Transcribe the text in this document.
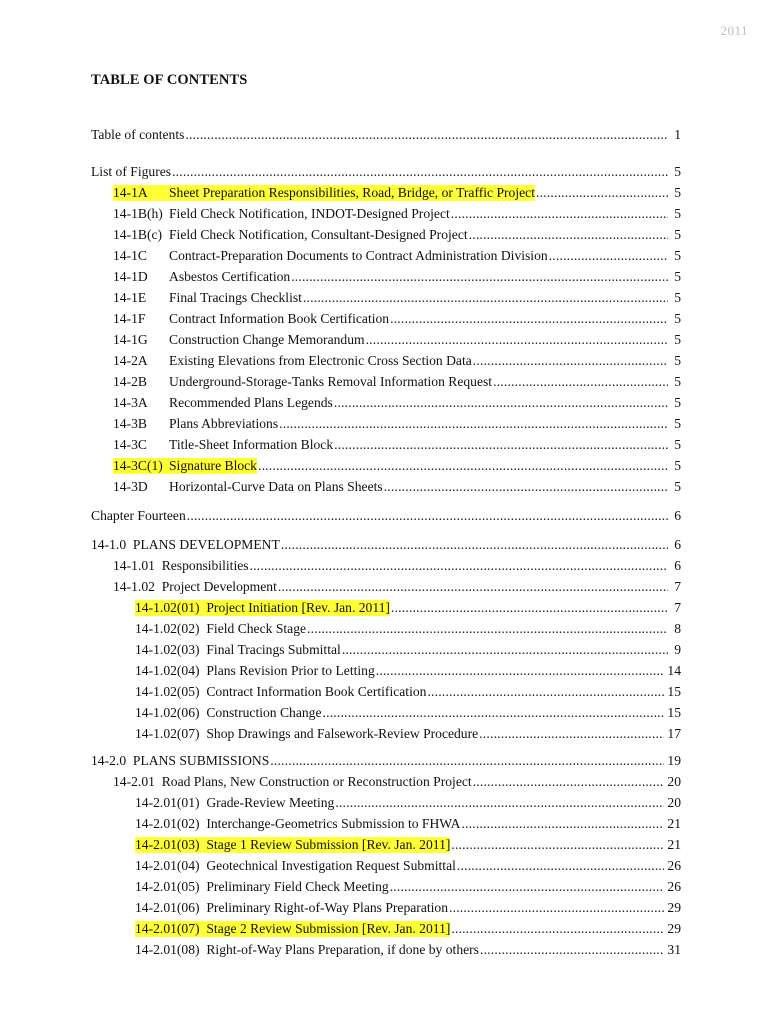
2011
TABLE OF CONTENTS
Table of contents .....	1
List of Figures .....	5
14-1A	Sheet Preparation Responsibilities, Road, Bridge, or Traffic Project .....	5
14-1B(h) Field Check Notification, INDOT-Designed Project .....	5
14-1B(c) Field Check Notification, Consultant-Designed Project .....	5
14-1C	Contract-Preparation Documents to Contract Administration Division .....	5
14-1D	Asbestos Certification .....	5
14-1E	Final Tracings Checklist .....	5
14-1F	Contract Information Book Certification .....	5
14-1G	Construction Change Memorandum .....	5
14-2A	Existing Elevations from Electronic Cross Section Data .....	5
14-2B	Underground-Storage-Tanks Removal Information Request .....	5
14-3A	Recommended Plans Legends .....	5
14-3B	Plans Abbreviations .....	5
14-3C	Title-Sheet Information Block .....	5
14-3C(1) Signature Block .....	5
14-3D	Horizontal-Curve Data on Plans Sheets .....	5
Chapter Fourteen .....	6
14-1.0  PLANS DEVELOPMENT .....	6
14-1.01  Responsibilities .....	6
14-1.02  Project Development .....	7
14-1.02(01)  Project Initiation [Rev. Jan. 2011] .....	7
14-1.02(02)  Field Check Stage .....	8
14-1.02(03)  Final Tracings Submittal .....	9
14-1.02(04)  Plans Revision Prior to Letting .....	14
14-1.02(05)  Contract Information Book Certification .....	15
14-1.02(06)  Construction Change .....	15
14-1.02(07)  Shop Drawings and Falsework-Review Procedure .....	17
14-2.0  PLANS SUBMISSIONS .....	19
14-2.01  Road Plans, New Construction or Reconstruction Project .....	20
14-2.01(01)  Grade-Review Meeting .....	20
14-2.01(02)  Interchange-Geometrics Submission to FHWA .....	21
14-2.01(03)  Stage 1 Review Submission [Rev. Jan. 2011] .....	21
14-2.01(04)  Geotechnical Investigation Request Submittal .....	26
14-2.01(05)  Preliminary Field Check Meeting .....	26
14-2.01(06)  Preliminary Right-of-Way Plans Preparation .....	29
14-2.01(07)  Stage 2 Review Submission [Rev. Jan. 2011] .....	29
14-2.01(08)  Right-of-Way Plans Preparation, if done by others .....	31
